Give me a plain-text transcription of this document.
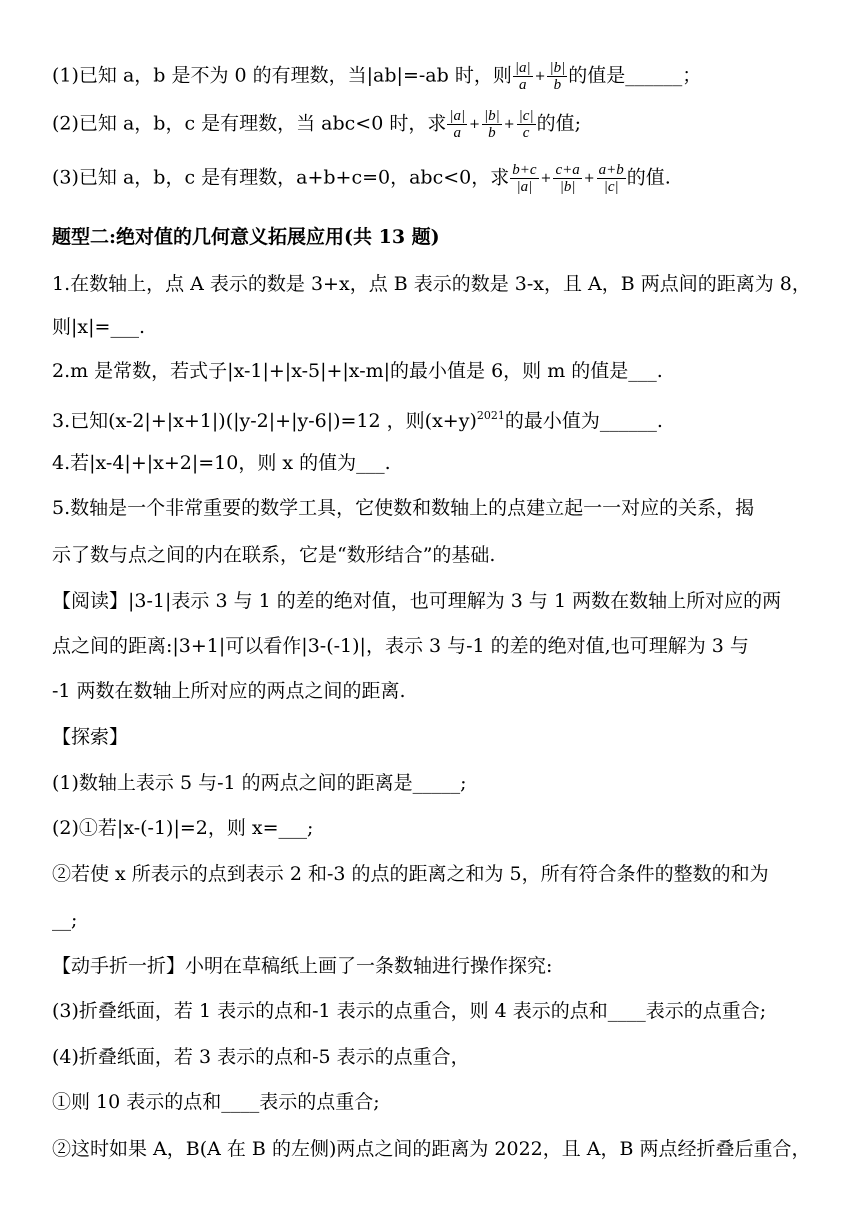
(1)已知 a，b 是不为 0 的有理数，当|ab|=-ab 时，则 $\frac{|a|}{a} + \frac{|b|}{b}$ 的值是______；
(2)已知 a，b，c 是有理数，当 abc<0 时，求 $\frac{|a|}{a} + \frac{|b|}{b} + \frac{|c|}{c}$ 的值;
(3)已知 a，b，c 是有理数，a+b+c=0，abc<0，求 $\frac{b+c}{|a|} + \frac{c+a}{|b|} + \frac{a+b}{|c|}$ 的值.
题型二:绝对值的几何意义拓展应用(共 13 题)
1.在数轴上，点 A 表示的数是 3+x，点 B 表示的数是 3-x，且 A，B 两点间的距离为 8，
则|x|=___.
2.m 是常数，若式子|x-1|+|x-5|+|x-m|的最小值是 6，则 m 的值是___.
3.已知(x-2|+|x+1|)(|y-2|+|y-6|)=12 ，则$(x+y)^{2021}$的最小值为______.
4.若|x-4|+|x+2|=10，则 x 的值为___.
5.数轴是一个非常重要的数学工具，它使数和数轴上的点建立起一一对应的关系，揭
示了数与点之间的内在联系，它是“数形结合”的基础.
【阅读】|3-1|表示 3 与 1 的差的绝对值，也可理解为 3 与 1 两数在数轴上所对应的两
点之间的距离:|3+1|可以看作|3-(-1)|，表示 3 与-1 的差的绝对值,也可理解为 3 与
-1 两数在数轴上所对应的两点之间的距离.
【探索】
(1)数轴上表示 5 与-1 的两点之间的距离是_____;
(2)①若|x-(-1)|=2，则 x=___;
②若使 x 所表示的点到表示 2 和-3 的点的距离之和为 5，所有符合条件的整数的和为
__;
【动手折一折】小明在草稿纸上画了一条数轴进行操作探究:
(3)折叠纸面，若 1 表示的点和-1 表示的点重合，则 4 表示的点和____表示的点重合;
(4)折叠纸面，若 3 表示的点和-5 表示的点重合，
①则 10 表示的点和____表示的点重合;
②这时如果 A，B(A 在 B 的左侧)两点之间的距离为 2022，且 A，B 两点经折叠后重合，
